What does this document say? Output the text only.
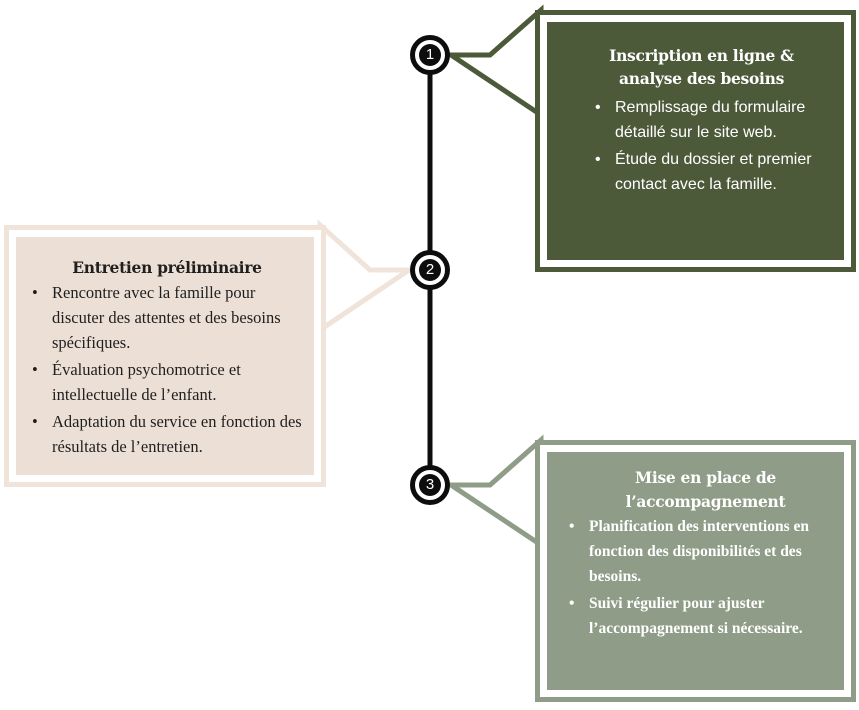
Inscription en ligne &
analyse des besoins

• Remplissage du formulaire détaillé sur le site web.
• Étude du dossier et premier contact avec la famille.

Entretien préliminaire

• Rencontre avec la famille pour discuter des attentes et des besoins spécifiques.
• Évaluation psychomotrice et intellectuelle de l’enfant.
• Adaptation du service en fonction des résultats de l’entretien.

Mise en place de
l’accompagnement

• Planification des interventions en fonction des disponibilités et des besoins.
• Suivi régulier pour ajuster l’accompagnement si nécessaire.
1
2
3
